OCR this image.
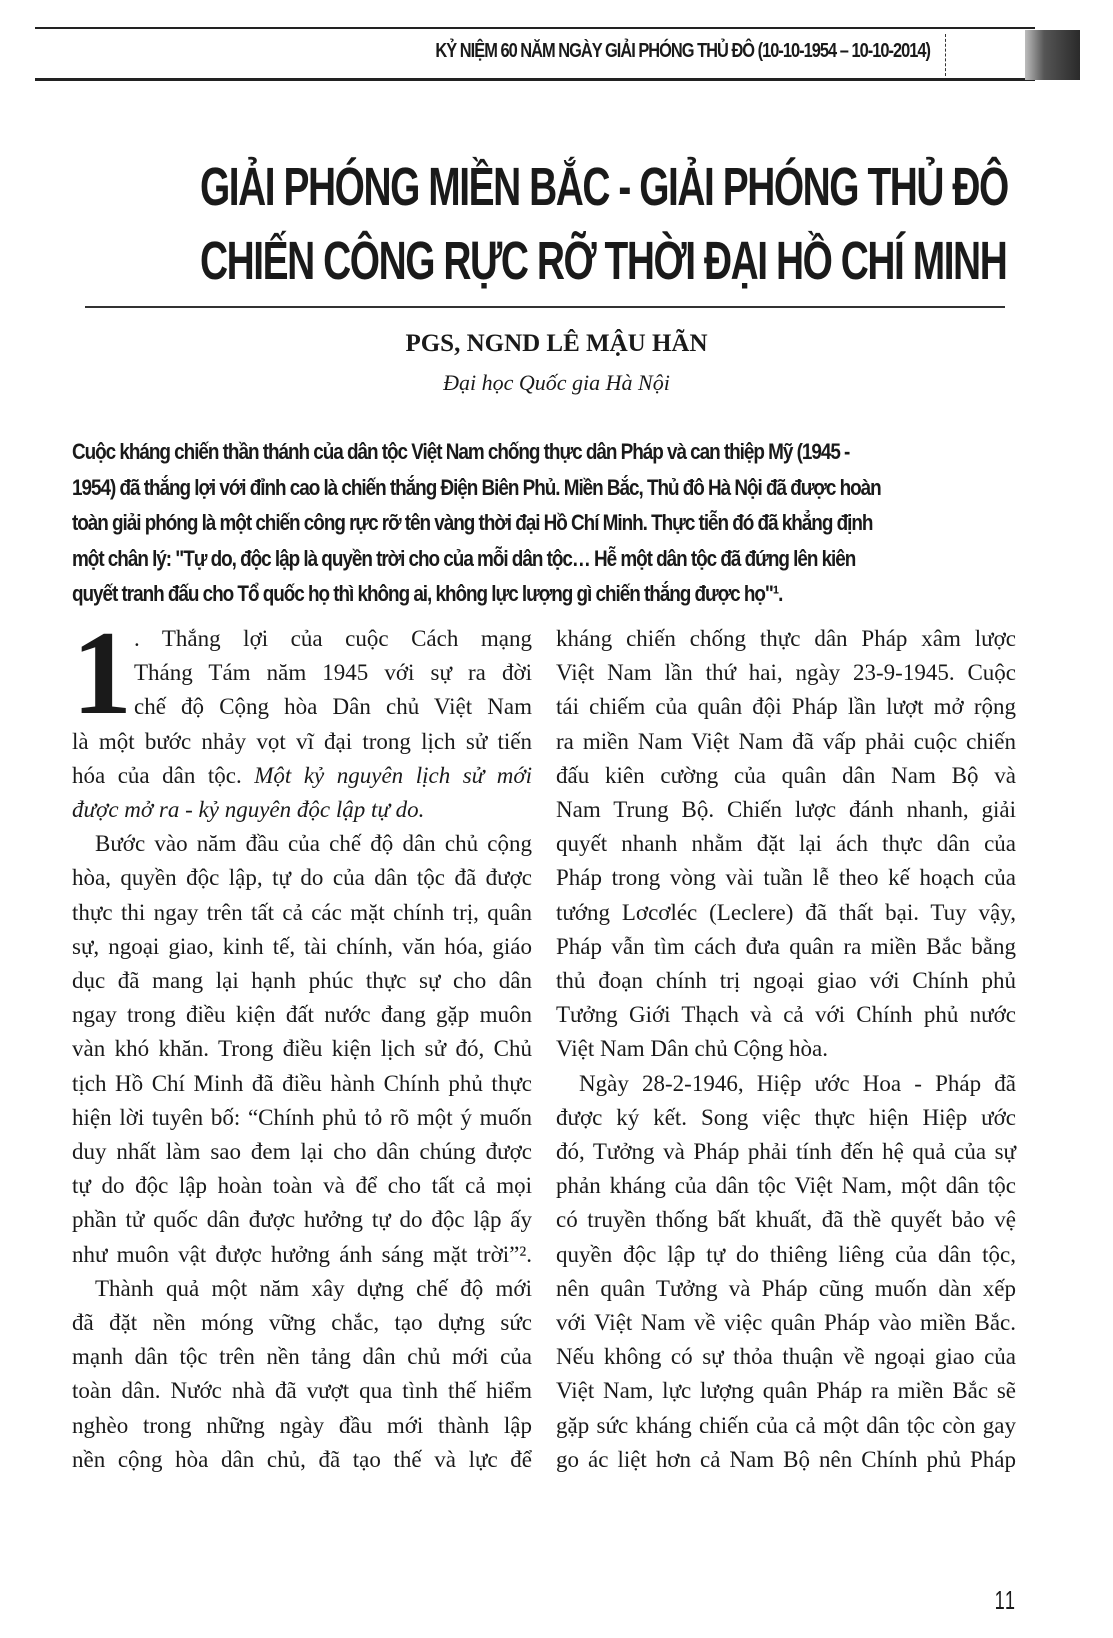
KỶ NIỆM 60 NĂM NGÀY GIẢI PHÓNG THỦ ĐÔ (10-10-1954 – 10-10-2014)
GIẢI PHÓNG MIỀN BẮC - GIẢI PHÓNG THỦ ĐÔ
CHIẾN CÔNG RỰC RỠ THỜI ĐẠI HỒ CHÍ MINH
PGS, NGND LÊ MẬU HÃN
Đại học Quốc gia Hà Nội
Cuộc kháng chiến thần thánh của dân tộc Việt Nam chống thực dân Pháp và can thiệp Mỹ (1945 -
1954) đã thắng lợi với đỉnh cao là chiến thắng Điện Biên Phủ. Miền Bắc, Thủ đô Hà Nội đã được hoàn
toàn giải phóng là một chiến công rực rỡ tên vàng thời đại Hồ Chí Minh. Thực tiễn đó đã khẳng định
một chân lý: "Tự do, độc lập là quyền trời cho của mỗi dân tộc… Hễ một dân tộc đã đứng lên kiên
quyết tranh đấu cho Tổ quốc họ thì không ai, không lực lượng gì chiến thắng được họ"¹.
1 . Thắng lợi của cuộc Cách mạng
Tháng Tám năm 1945 với sự ra đời
chế độ Cộng hòa Dân chủ Việt Nam
là một bước nhảy vọt vĩ đại trong lịch sử tiến
hóa của dân tộc. Một kỷ nguyên lịch sử mới
được mở ra - kỷ nguyên độc lập tự do.
 Bước vào năm đầu của chế độ dân chủ cộng
hòa, quyền độc lập, tự do của dân tộc đã được
thực thi ngay trên tất cả các mặt chính trị, quân
sự, ngoại giao, kinh tế, tài chính, văn hóa, giáo
dục đã mang lại hạnh phúc thực sự cho dân
ngay trong điều kiện đất nước đang gặp muôn
vàn khó khăn. Trong điều kiện lịch sử đó, Chủ
tịch Hồ Chí Minh đã điều hành Chính phủ thực
hiện lời tuyên bố: “Chính phủ tỏ rõ một ý muốn
duy nhất làm sao đem lại cho dân chúng được
tự do độc lập hoàn toàn và để cho tất cả mọi
phần tử quốc dân được hưởng tự do độc lập ấy
như muôn vật được hưởng ánh sáng mặt trời”².
 Thành quả một năm xây dựng chế độ mới
đã đặt nền móng vững chắc, tạo dựng sức
mạnh dân tộc trên nền tảng dân chủ mới của
toàn dân. Nước nhà đã vượt qua tình thế hiểm
nghèo trong những ngày đầu mới thành lập
nền cộng hòa dân chủ, đã tạo thế và lực để
kháng chiến chống thực dân Pháp xâm lược
Việt Nam lần thứ hai, ngày 23-9-1945. Cuộc
tái chiếm của quân đội Pháp lần lượt mở rộng
ra miền Nam Việt Nam đã vấp phải cuộc chiến
đấu kiên cường của quân dân Nam Bộ và
Nam Trung Bộ. Chiến lược đánh nhanh, giải
quyết nhanh nhằm đặt lại ách thực dân của
Pháp trong vòng vài tuần lễ theo kế hoạch của
tướng Lơcơléc (Leclere) đã thất bại. Tuy vậy,
Pháp vẫn tìm cách đưa quân ra miền Bắc bằng
thủ đoạn chính trị ngoại giao với Chính phủ
Tưởng Giới Thạch và cả với Chính phủ nước
Việt Nam Dân chủ Cộng hòa.
 Ngày 28-2-1946, Hiệp ước Hoa - Pháp đã
được ký kết. Song việc thực hiện Hiệp ước
đó, Tưởng và Pháp phải tính đến hệ quả của sự
phản kháng của dân tộc Việt Nam, một dân tộc
có truyền thống bất khuất, đã thề quyết bảo vệ
quyền độc lập tự do thiêng liêng của dân tộc,
nên quân Tưởng và Pháp cũng muốn dàn xếp
với Việt Nam về việc quân Pháp vào miền Bắc.
Nếu không có sự thỏa thuận về ngoại giao của
Việt Nam, lực lượng quân Pháp ra miền Bắc sẽ
gặp sức kháng chiến của cả một dân tộc còn gay
go ác liệt hơn cả Nam Bộ nên Chính phủ Pháp
11
